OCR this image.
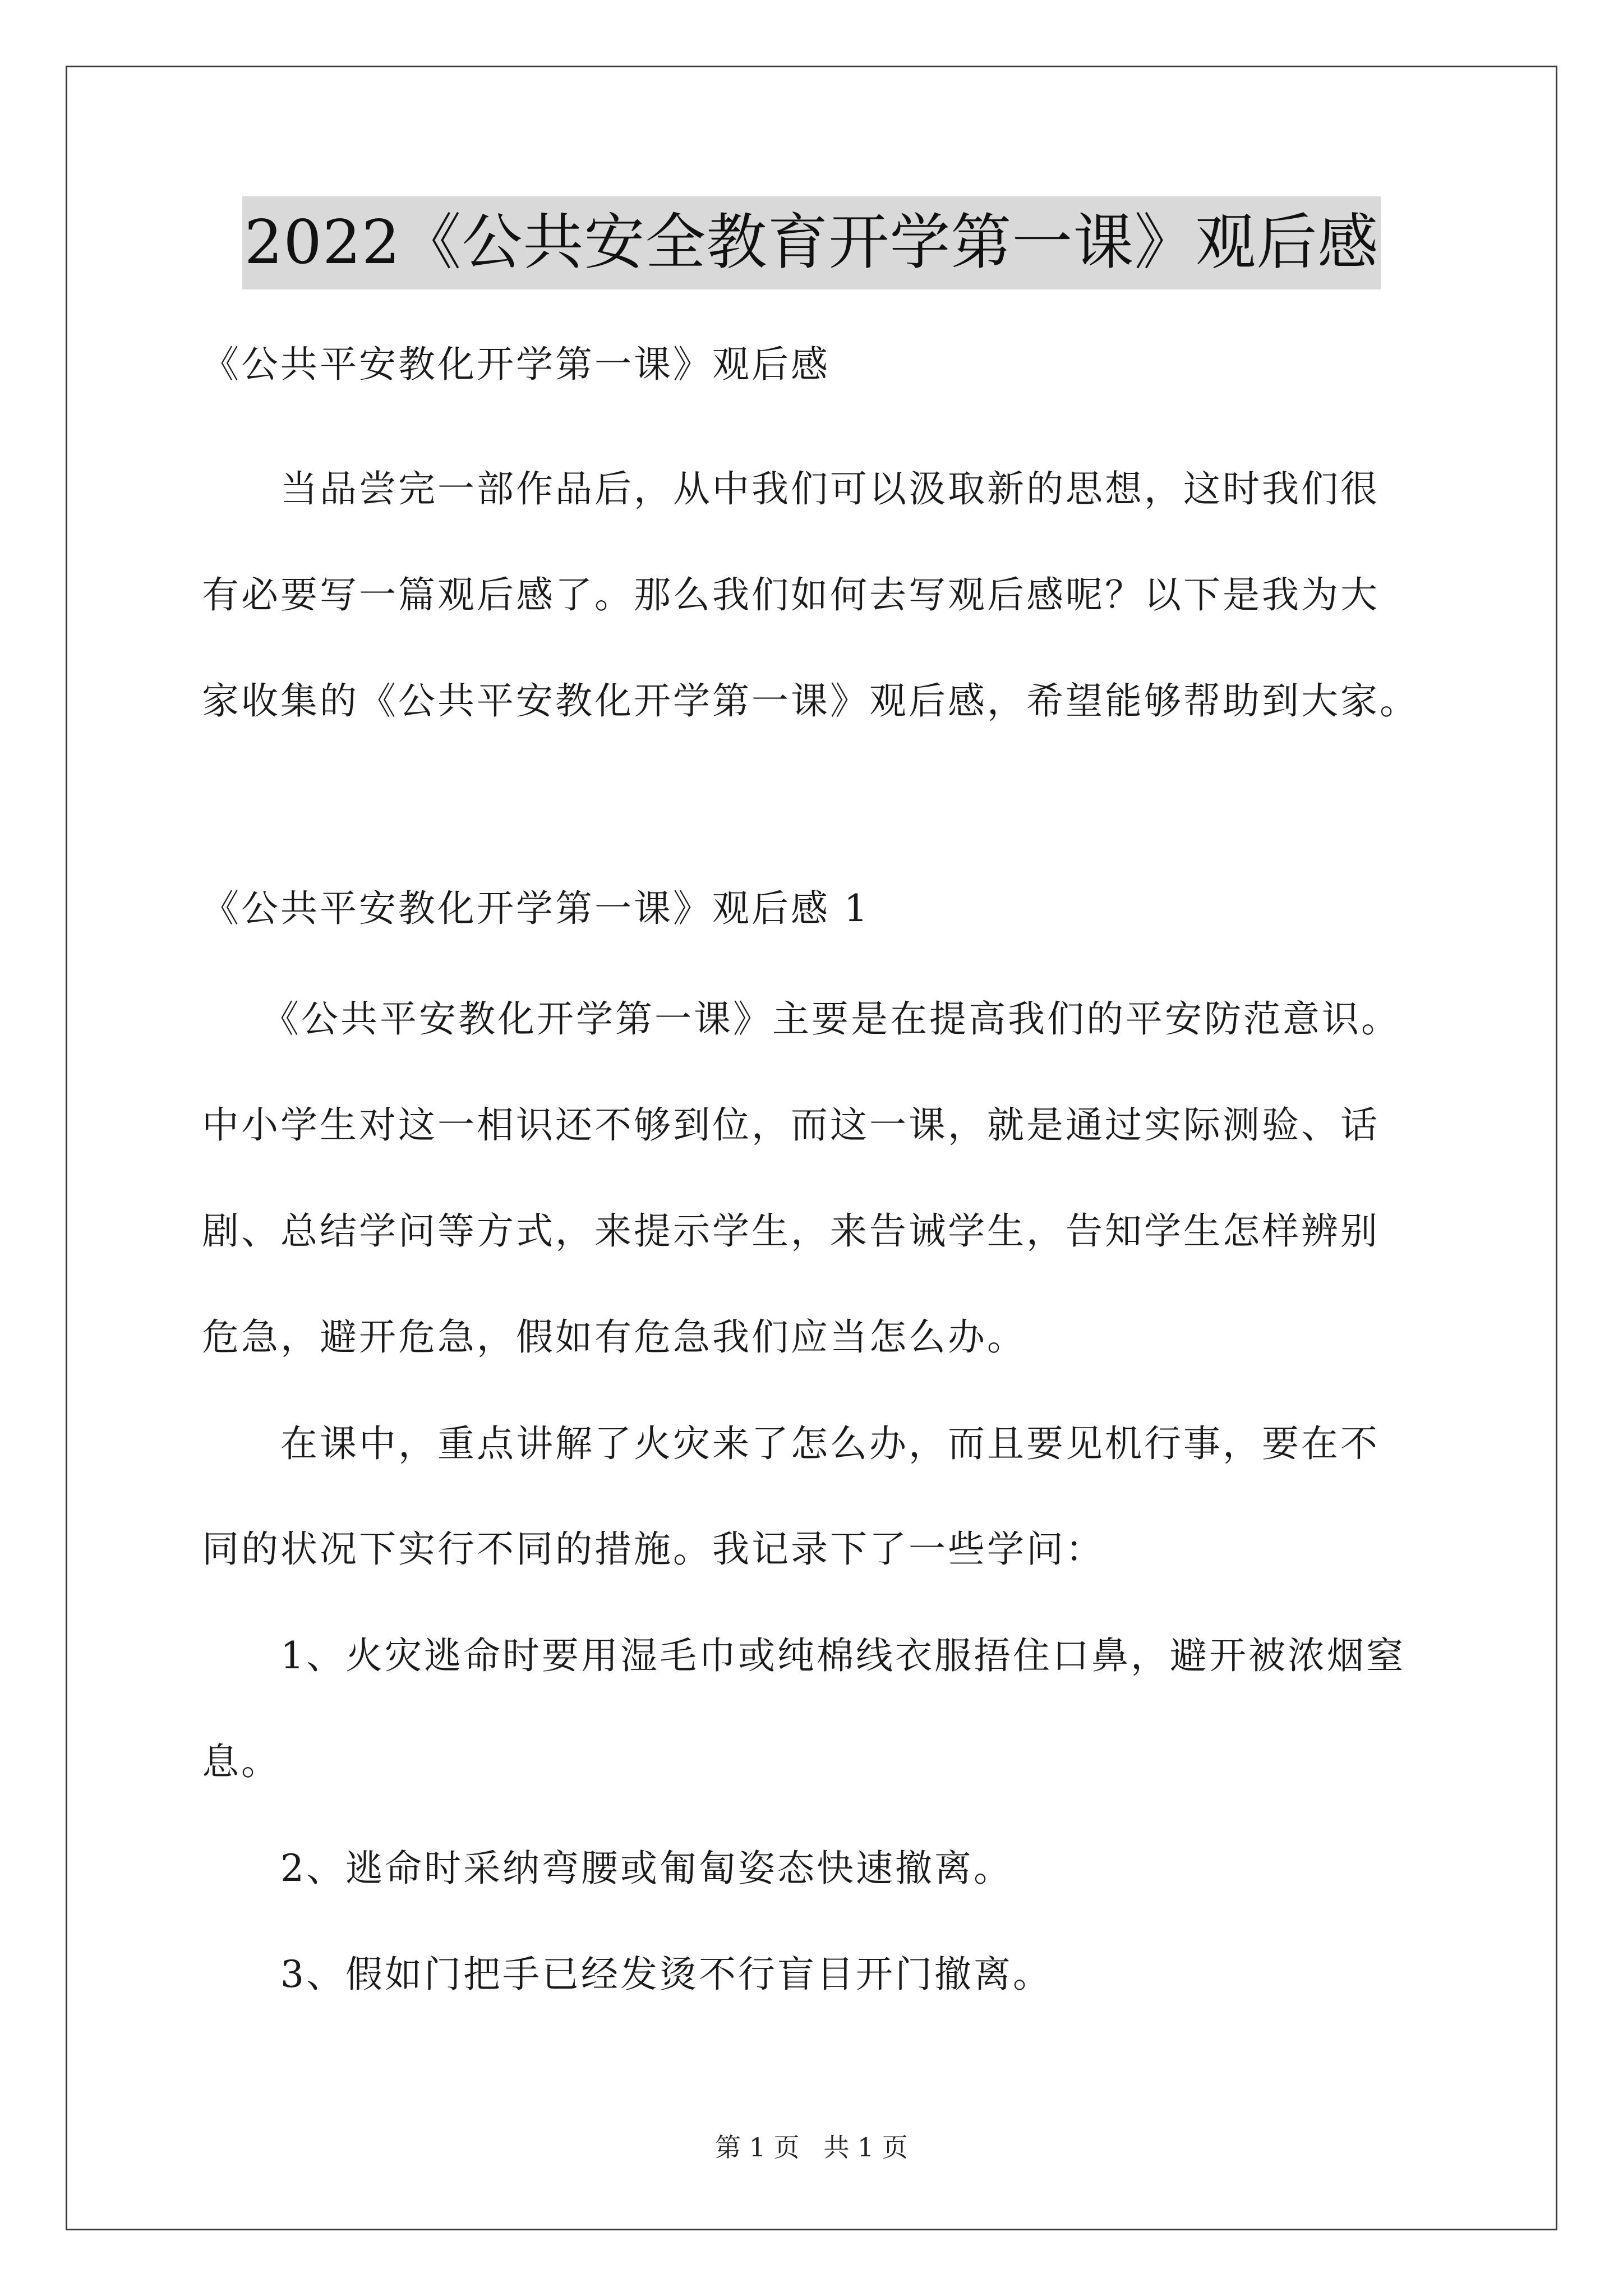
2022《公共安全教育开学第一课》观后感
《公共平安教化开学第一课》观后感
　　当品尝完一部作品后，从中我们可以汲取新的思想，这时我们很
有必要写一篇观后感了。那么我们如何去写观后感呢？以下是我为大
家收集的《公共平安教化开学第一课》观后感，希望能够帮助到大家。
《公共平安教化开学第一课》观后感 1
　　《公共平安教化开学第一课》主要是在提高我们的平安防范意识。
中小学生对这一相识还不够到位，而这一课，就是通过实际测验、话
剧、总结学问等方式，来提示学生，来告诫学生，告知学生怎样辨别
危急，避开危急，假如有危急我们应当怎么办。
　　在课中，重点讲解了火灾来了怎么办，而且要见机行事，要在不
同的状况下实行不同的措施。我记录下了一些学问：
　　1、火灾逃命时要用湿毛巾或纯棉线衣服捂住口鼻，避开被浓烟窒
息。
　　2、逃命时采纳弯腰或匍匐姿态快速撤离。
　　3、假如门把手已经发烫不行盲目开门撤离。
第 1 页 共 1 页
